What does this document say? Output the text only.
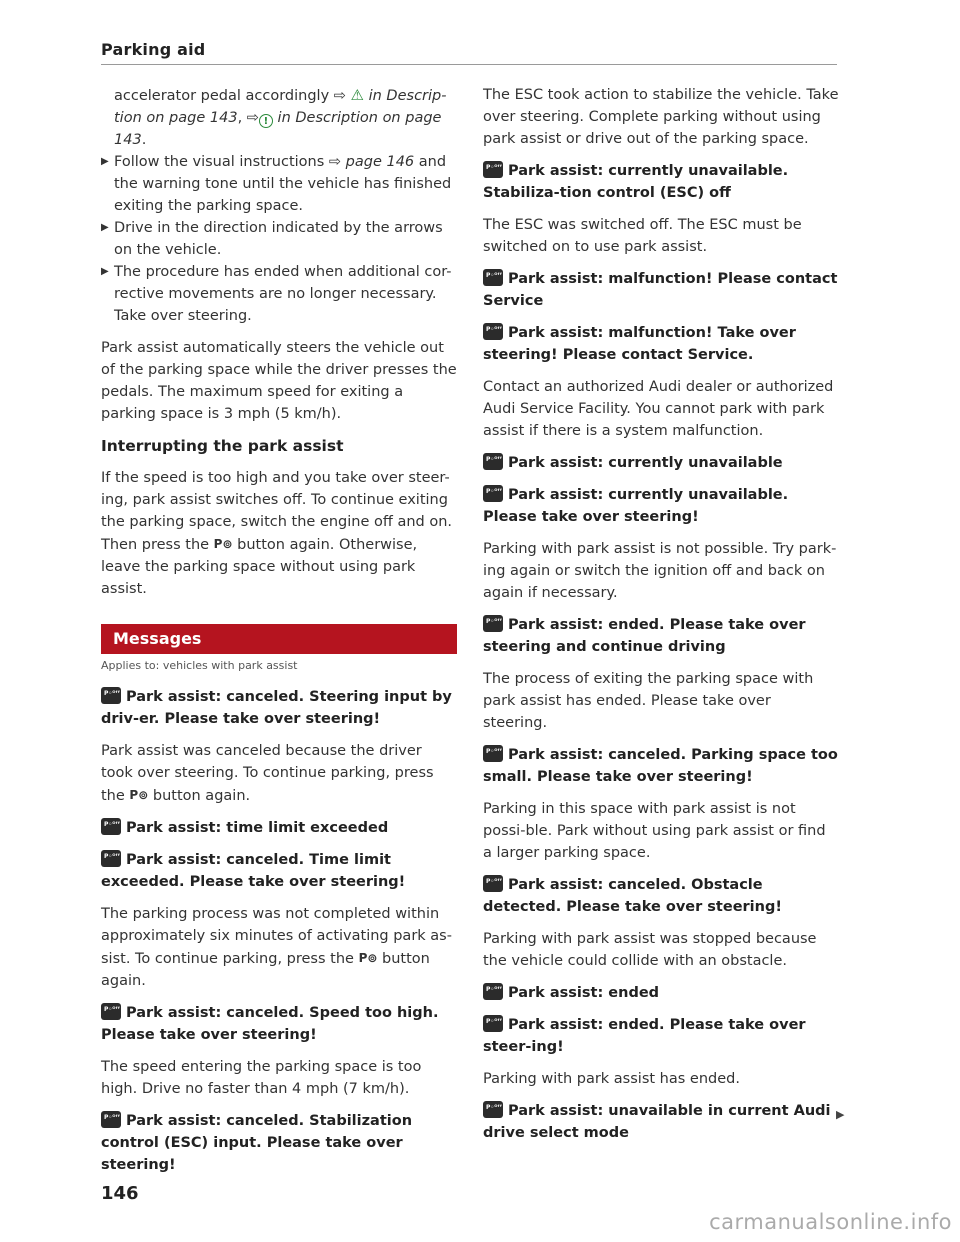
Parking aid

accelerator pedal accordingly ⇨ ⚠ in Descrip- tion on page 143, ⇨ ! in Description on page 143.

▶ Follow the visual instructions ⇨ page 146 and the warning tone until the vehicle has finished exiting the parking space.

▶ Drive in the direction indicated by the arrows on the vehicle.

▶ The procedure has ended when additional cor-rective movements are no longer necessary. Take over steering.

Park assist automatically steers the vehicle out of the parking space while the driver presses the pedals. The maximum speed for exiting a parking space is 3 mph (5 km/h).

Interrupting the park assist

If the speed is too high and you take over steer-ing, park assist switches off. To continue exiting the parking space, switch the engine off and on. Then press the P⊚ button again. Otherwise, leave the parking space without using park assist.

Messages
Applies to: vehicles with park assist

P◦ᴼᶠᶠ Park assist: canceled. Steering input by driv-er. Please take over steering!

Park assist was canceled because the driver took over steering. To continue parking, press the P⊚ button again.

P◦ᴼᶠᶠ Park assist: time limit exceeded

P◦ᴼᶠᶠ Park assist: canceled. Time limit exceeded. Please take over steering!

The parking process was not completed within approximately six minutes of activating park as-sist. To continue parking, press the P⊚ button again.

P◦ᴼᶠᶠ Park assist: canceled. Speed too high. Please take over steering!

The speed entering the parking space is too high. Drive no faster than 4 mph (7 km/h).

P◦ᴼᶠᶠ Park assist: canceled. Stabilization control (ESC) input. Please take over steering!

The ESC took action to stabilize the vehicle. Take over steering. Complete parking without using park assist or drive out of the parking space.

P◦ᴼᶠᶠ Park assist: currently unavailable. Stabiliza-tion control (ESC) off

The ESC was switched off. The ESC must be switched on to use park assist.

P◦ᴼᶠᶠ Park assist: malfunction! Please contact Service

P◦ᴼᶠᶠ Park assist: malfunction! Take over steering! Please contact Service.

Contact an authorized Audi dealer or authorized Audi Service Facility. You cannot park with park assist if there is a system malfunction.

P◦ᴼᶠᶠ Park assist: currently unavailable

P◦ᴼᶠᶠ Park assist: currently unavailable. Please take over steering!

Parking with park assist is not possible. Try park-ing again or switch the ignition off and back on again if necessary.

P◦ᴼᶠᶠ Park assist: ended. Please take over steering and continue driving

The process of exiting the parking space with park assist has ended. Please take over steering.

P◦ᴼᶠᶠ Park assist: canceled. Parking space too small. Please take over steering!

Parking in this space with park assist is not possi-ble. Park without using park assist or find a larger parking space.

P◦ᴼᶠᶠ Park assist: canceled. Obstacle detected. Please take over steering!

Parking with park assist was stopped because the vehicle could collide with an obstacle.

P◦ᴼᶠᶠ Park assist: ended

P◦ᴼᶠᶠ Park assist: ended. Please take over steer-ing!

Parking with park assist has ended.

P◦ᴼᶠᶠ Park assist: unavailable in current Audi drive select mode

▶
146
carmanualsonline.info
